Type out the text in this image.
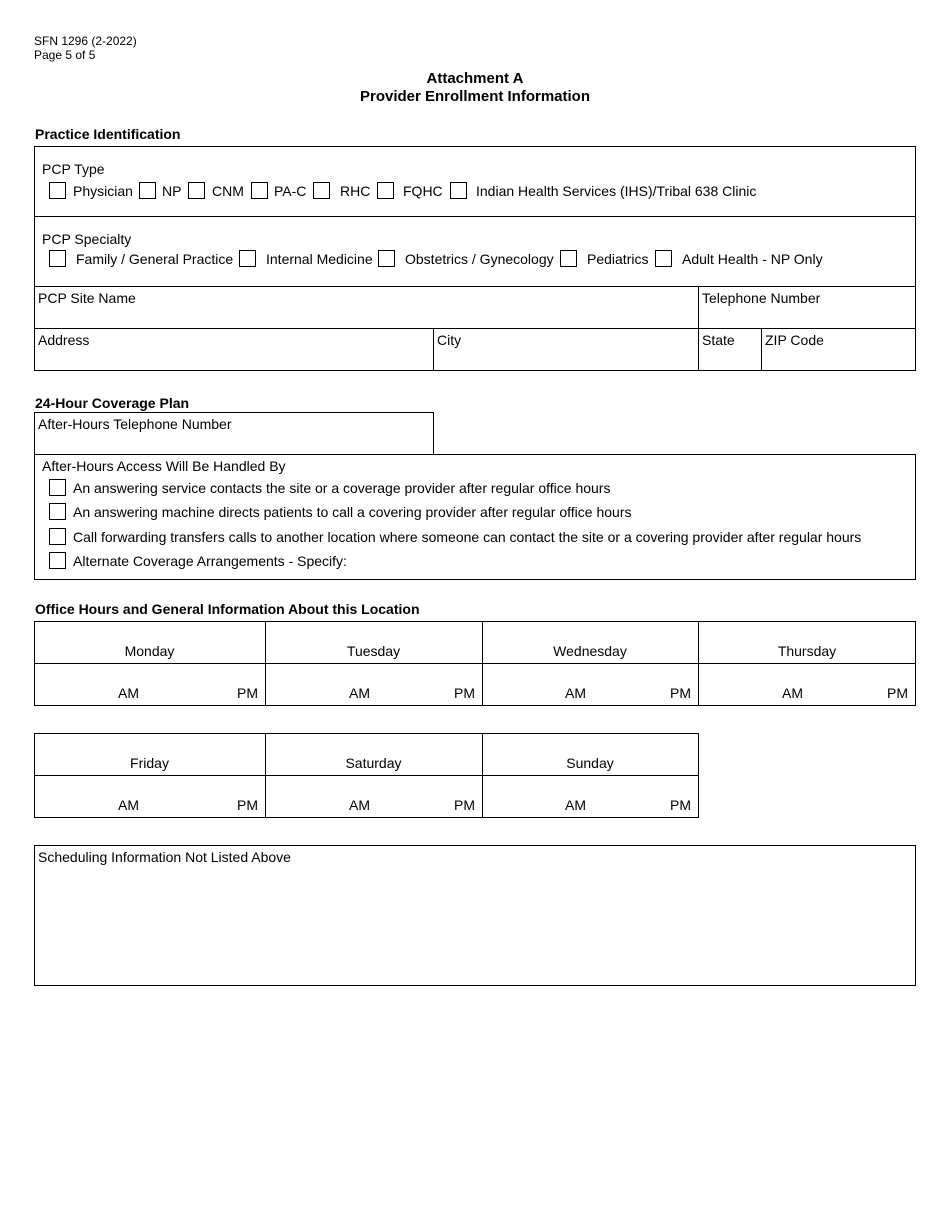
SFN 1296 (2-2022)
Page 5 of 5
Attachment A
Provider Enrollment Information
Practice Identification
PCP Type
Physician NP CNM PA-C RHC FQHC Indian Health Services (IHS)/Tribal 638 Clinic
PCP Specialty
Family / General Practice Internal Medicine Obstetrics / Gynecology Pediatrics Adult Health - NP Only
PCP Site Name	Telephone Number
Address	City	State ZIP Code
24-Hour Coverage Plan
After-Hours Telephone Number
After-Hours Access Will Be Handled By
An answering service contacts the site or a coverage provider after regular office hours
An answering machine directs patients to call a covering provider after regular office hours
Call forwarding transfers calls to another location where someone can contact the site or a covering provider after regular hours
Alternate Coverage Arrangements - Specify:
Office Hours and General Information About this Location
Monday	Tuesday	Wednesday	Thursday
AM	PM	AM	PM	AM	PM	AM	PM
Friday	Saturday	Sunday
AM	PM	AM	PM	AM	PM
Scheduling Information Not Listed Above
